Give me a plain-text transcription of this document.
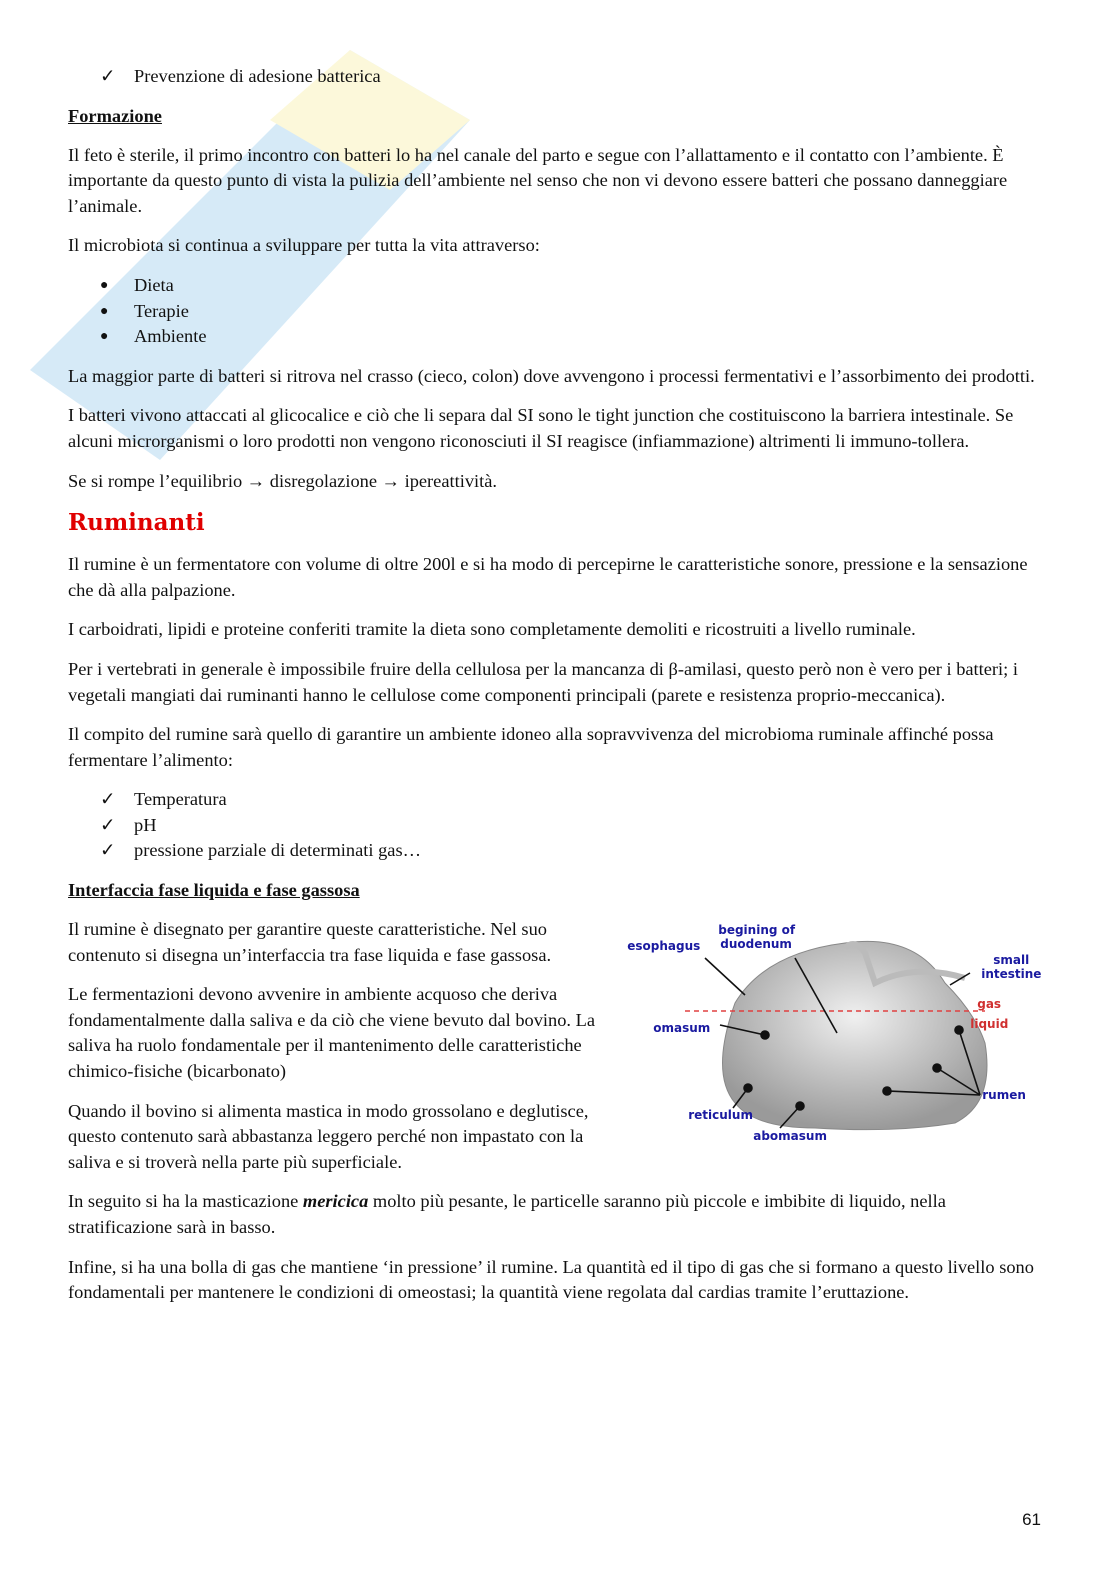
✓ Prevenzione di adesione batterica
Formazione

Il feto è sterile, il primo incontro con batteri lo ha nel canale del parto e segue con l’allattamento e il contatto con l’ambiente. È importante da questo punto di vista la pulizia dell’ambiente nel senso che non vi devono essere batteri che possano danneggiare l’animale.

Il microbiota si continua a sviluppare per tutta la vita attraverso:

● Dieta
● Terapie
● Ambiente

La maggior parte di batteri si ritrova nel crasso (cieco, colon) dove avvengono i processi fermentativi e l’assorbimento dei prodotti.

I batteri vivono attaccati al glicocalice e ciò che li separa dal SI sono le tight junction che costituiscono la barriera intestinale. Se alcuni microrganismi o loro prodotti non vengono riconosciuti il SI reagisce (infiammazione) altrimenti li immuno-tollera.

Se si rompe l’equilibrio → disregolazione → ipereattività.

Ruminanti

Il rumine è un fermentatore con volume di oltre 200l e si ha modo di percepirne le caratteristiche sonore, pressione e la sensazione che dà alla palpazione.

I carboidrati, lipidi e proteine conferiti tramite la dieta sono completamente demoliti e ricostruiti a livello ruminale.

Per i vertebrati in generale è impossibile fruire della cellulosa per la mancanza di β-amilasi, questo però non è vero per i batteri; i vegetali mangiati dai ruminanti hanno le cellulose come componenti principali (parete e resistenza proprio-meccanica).

Il compito del rumine sarà quello di garantire un ambiente idoneo alla sopravvivenza del microbioma ruminale affinché possa fermentare l’alimento:

✓ Temperatura
✓ pH
✓ pressione parziale di determinati gas…
Interfaccia fase liquida e fase gassosa

Il rumine è disegnato per garantire queste caratteristiche. Nel suo contenuto si disegna un’interfaccia tra fase liquida e fase gassosa.

Le fermentazioni devono avvenire in ambiente acquoso che deriva fondamentalmente dalla saliva e da ciò che viene bevuto dal bovino. La saliva ha ruolo fondamentale per il mantenimento delle caratteristiche chimico-fisiche (bicarbonato)

Quando il bovino si alimenta mastica in modo grossolano e deglutisce, questo contenuto sarà abbastanza leggero perché non impastato con la saliva e si troverà nella parte più superficiale.

esophagus
begining of
duodenum
small
intestine
gas
liquid
omasum
reticulum
abomasum
rumen

In seguito si ha la masticazione mericica molto più pesante, le particelle saranno più piccole e imbibite di liquido, nella stratificazione sarà in basso.

Infine, si ha una bolla di gas che mantiene ‘in pressione’ il rumine. La quantità ed il tipo di gas che si formano a questo livello sono fondamentali per mantenere le condizioni di omeostasi; la quantità viene regolata dal cardias tramite l’eruttazione.

61
